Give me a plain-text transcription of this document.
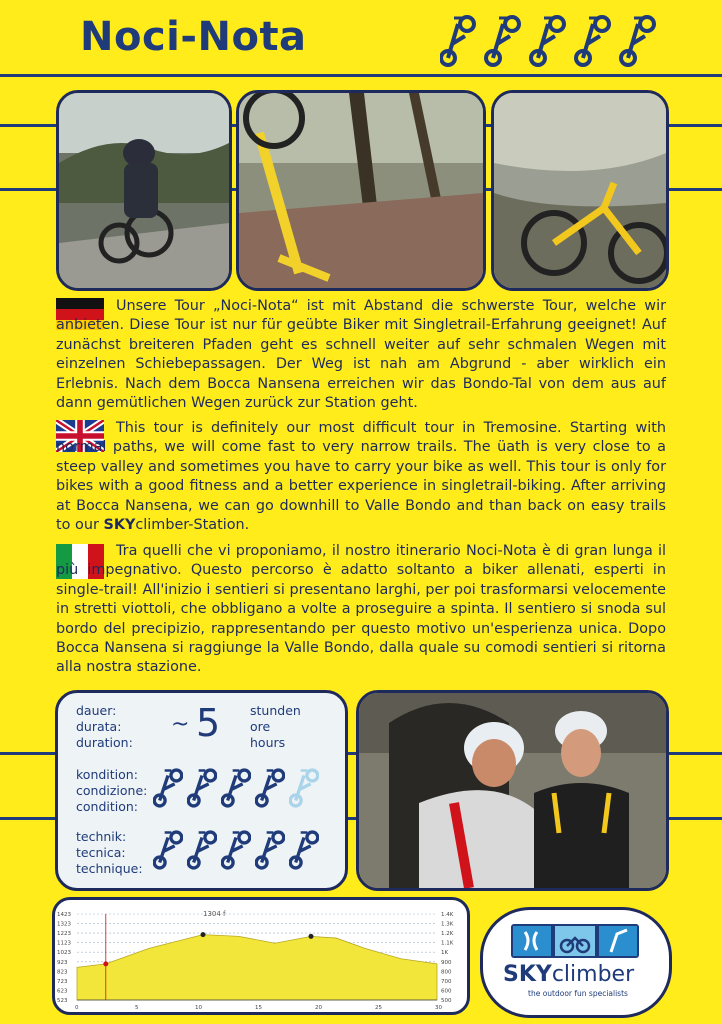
Noci-Nota

Unsere Tour „Noci-Nota“ ist mit Abstand die schwerste Tour, welche wir anbieten. Diese Tour ist nur für geübte Biker mit Singletrail-Erfahrung geeignet! Auf zunächst breiteren Pfaden geht es schnell weiter auf sehr schmalen Wegen mit einzelnen Schiebepassagen. Der Weg ist nah am Abgrund - aber wirklich ein Erlebnis. Nach dem Bocca Nansena erreichen wir das Bondo-Tal von dem aus auf dann gemütlichen Wegen zurück zur Station geht.

This tour is definitely our most difficult tour in Tremosine. Starting with normal paths, we will come fast to very narrow trails. The üath is very close to a steep valley and sometimes you have to carry your bike as well. This tour is only for bikes with a good fitness and a better experience in singletrail-biking. After arriving at Bocca Nansena, we can go downhill to Valle Bondo and than back on easy trails to our SKYclimber-Station.

Tra quelli che vi proponiamo, il nostro itinerario Noci-Nota è di gran lunga il più impegnativo. Questo percorso è adatto soltanto a biker allenati, esperti in single-trail! All'inizio i sentieri si presentano larghi, per poi trasformarsi velocemente in stretti viottoli, che obbligano a volte a proseguire a spinta. Il sentiero si snoda sul bordo del precipizio, rappresentando per questo motivo un'esperienza unica. Dopo Bocca Nansena si raggiunge la Valle Bondo, dalla quale su comodi sentieri si ritorna alla nostra stazione.

dauer:
durata:
duration:
~ 5 stunden
ore
hours
kondition:
condizione:
condition:
technik:
tecnica:
technique:
1423	1.4K
1323	1.3K
1223	1.2K
1123	1.1K
1023	1K
923	900
823	800
723	700
623	600
523	500
0	5	10	15	20	25	30
1304 f
SKYclimber
the outdoor fun specialists
